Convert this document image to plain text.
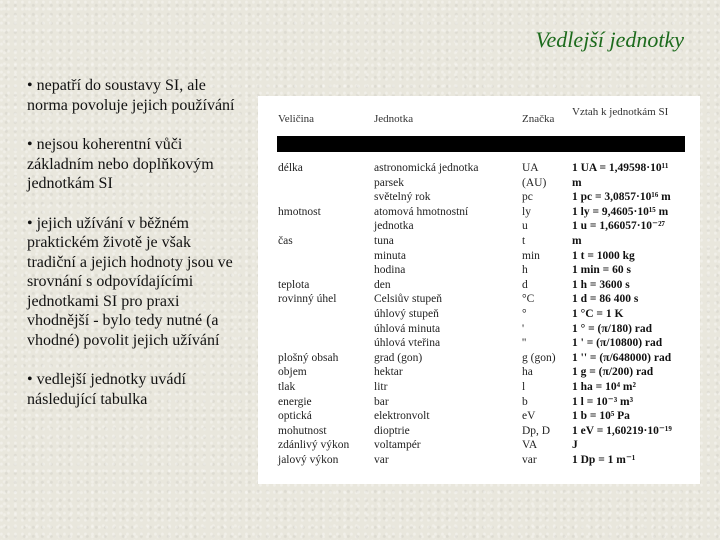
Vedlejší jednotky

• nepatří do soustavy SI, ale norma povoluje jejich používání

• nejsou koherentní vůči základním nebo doplňkovým jednotkám SI

• jejich užívání v běžném praktickém životě je však tradiční a jejich hodnoty jsou ve srovnání s odpovídajícími jednotkami SI pro praxi vhodnější - bylo tedy nutné (a vhodné) povolit jejich užívání

• vedlejší jednotky uvádí následující tabulka

Veličina	Jednotka	Značka
Vztah k jednotkám SI
délka
hmotnost
čas
teplota
rovinný úhel
plošný obsah
objem
tlak
energie
optická
mohutnost
zdánlivý výkon
jalový výkon
astronomická jednotka
parsek
světelný rok
atomová hmotnostní
jednotka
tuna
minuta
hodina
den
Celsiův stupeň
úhlový stupeň
úhlová minuta
úhlová vteřina
grad (gon)
hektar
litr
bar
elektronvolt
dioptrie
voltampér
var
UA
(AU)
pc
ly
u
t
min
h
d
°C
°
'
''
g (gon)
ha
l
b
eV
Dp, D
VA
var
1 UA = 1,49598·10¹¹
m
1 pc = 3,0857·10¹⁶ m
1 ly = 9,4605·10¹⁵ m
1 u = 1,66057·10⁻²⁷
m
1 t = 1000 kg
1 min = 60 s
1 h = 3600 s
1 d = 86 400 s
1 °C = 1 K
1 ° = (π/180) rad
1 ' = (π/10800) rad
1 '' = (π/648000) rad
1 g = (π/200) rad
1 ha = 10⁴ m²
1 l = 10⁻³ m³
1 b = 10⁵ Pa
1 eV = 1,60219·10⁻¹⁹
J
1 Dp = 1 m⁻¹
